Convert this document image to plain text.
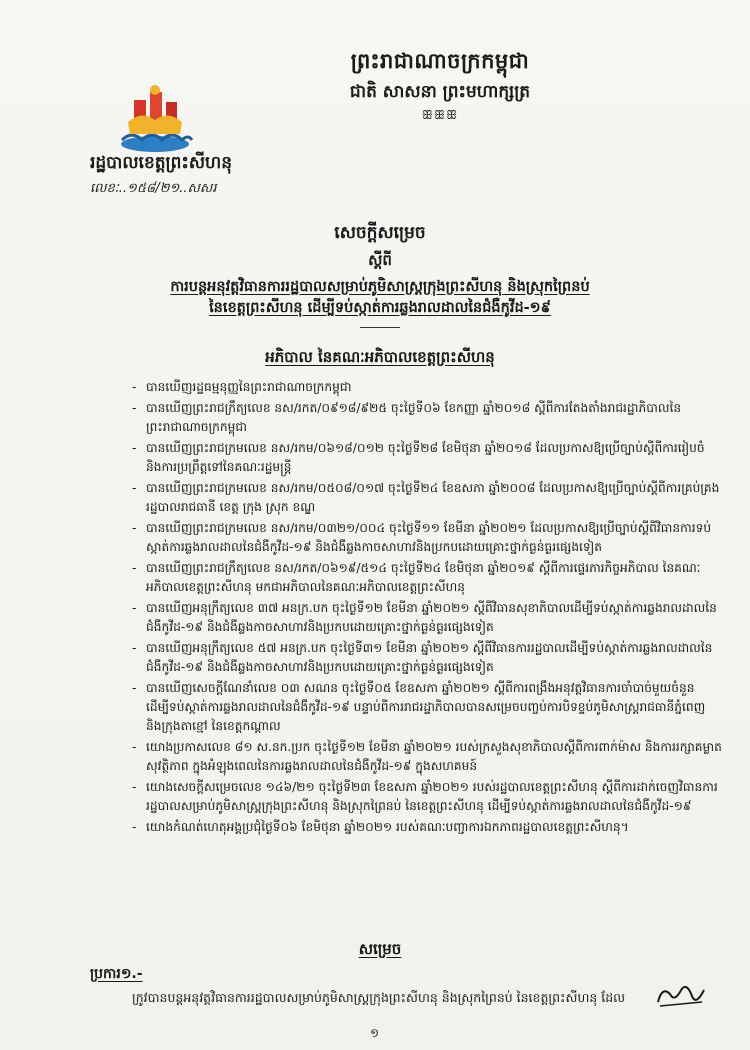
ព្រះរាជាណាចក្រកម្ពុជា
ជាតិ សាសនា ព្រះមហាក្សត្រ
ꕥꕥꕥ
រដ្ឋបាលខេត្តព្រះសីហនុ
លេខៈ..១៥៨/២១..សសរ
សេចក្តីសម្រេច
ស្តីពី
ការបន្តអនុវត្តវិធានការរដ្ឋបាលសម្រាប់ភូមិសាស្ត្រក្រុងព្រះសីហនុ និងស្រុកព្រៃនប់
នៃខេត្តព្រះសីហនុ ដើម្បីទប់ស្កាត់ការឆ្លងរាលដាលនៃជំងឺកូវីដ-១៩
អភិបាល នៃគណៈអភិបាលខេត្តព្រះសីហនុ
- បានឃើញរដ្ឋធម្មនុញ្ញនៃព្រះរាជាណាចក្រកម្ពុជា
- បានឃើញព្រះរាជក្រឹត្យលេខ នស/រកត/០៩១៨/៩២៥ ចុះថ្ងៃទី០៦ ខែកញ្ញា ឆ្នាំ២០១៨ ស្តីពីការតែងតាំងរាជរដ្ឋាភិបាលនៃព្រះរាជាណាចក្រកម្ពុជា
- បានឃើញព្រះរាជក្រមលេខ នស/រកម/០៦១៨/០១២ ចុះថ្ងៃទី២៨ ខែមិថុនា ឆ្នាំ២០១៨ ដែលប្រកាសឱ្យប្រើច្បាប់ស្តីពីការរៀបចំ និងការប្រព្រឹត្តទៅនៃគណៈរដ្ឋមន្ត្រី
- បានឃើញព្រះរាជក្រមលេខ នស/រកម/០៥០៨/០១៧ ចុះថ្ងៃទី២៤ ខែឧសភា ឆ្នាំ២០០៨ ដែលប្រកាសឱ្យប្រើច្បាប់ស្តីពីការគ្រប់គ្រងរដ្ឋបាលរាជធានី ខេត្ត ក្រុង ស្រុក ខណ្ឌ
- បានឃើញព្រះរាជក្រមលេខ នស/រកម/០៣២១/០០៤ ចុះថ្ងៃទី១១ ខែមីនា ឆ្នាំ២០២១ ដែលប្រកាសឱ្យប្រើច្បាប់ស្តីពីវិធានការទប់ស្កាត់ការឆ្លងរាលដាលនៃជំងឺកូវីដ-១៩ និងជំងឺឆ្លងកាចសាហាវនិងប្រកបដោយគ្រោះថ្នាក់ធ្ងន់ធ្ងរផ្សេងទៀត
- បានឃើញព្រះរាជក្រឹត្យលេខ នស/រកត/០៦១៩/៥១៤ ចុះថ្ងៃទី២៤ ខែមិថុនា ឆ្នាំ២០១៩ ស្តីពីការផ្ទេរភារកិច្ចអភិបាល នៃគណៈអភិបាលខេត្តព្រះសីហនុ មកជាអភិបាលនៃគណៈអភិបាលខេត្តព្រះសីហនុ
- បានឃើញអនុក្រឹត្យលេខ ៣៧ អនក្រ.បក ចុះថ្ងៃទី១២ ខែមីនា ឆ្នាំ២០២១ ស្តីពីវិធានសុខាភិបាលដើម្បីទប់ស្កាត់ការឆ្លងរាលដាលនៃជំងឺកូវីដ-១៩ និងជំងឺឆ្លងកាចសាហាវនិងប្រកបដោយគ្រោះថ្នាក់ធ្ងន់ធ្ងរផ្សេងទៀត
- បានឃើញអនុក្រឹត្យលេខ ៥៧ អនក្រ.បក ចុះថ្ងៃទី៣១ ខែមីនា ឆ្នាំ២០២១ ស្តីពីវិធានការរដ្ឋបាលដើម្បីទប់ស្កាត់ការឆ្លងរាលដាលនៃជំងឺកូវីដ-១៩ និងជំងឺឆ្លងកាចសាហាវនិងប្រកបដោយគ្រោះថ្នាក់ធ្ងន់ធ្ងរផ្សេងទៀត
- បានឃើញសេចក្តីណែនាំលេខ ០៣ សណន ចុះថ្ងៃទី០៥ ខែឧសភា ឆ្នាំ២០២១ ស្តីពីការពង្រឹងអនុវត្តវិធានការចាំបាច់មួយចំនួនដើម្បីទប់ស្កាត់ការឆ្លងរាលដាលនៃជំងឺកូវីដ-១៩ បន្ទាប់ពីការរាជរដ្ឋាភិបាលបានសម្រេចបញ្ចប់ការបិទខ្ទប់ភូមិសាស្ត្ររាជធានីភ្នំពេញ និងក្រុងតាខ្មៅ នៃខេត្តកណ្តាល
- យោងប្រកាសលេខ ៨១ ស.នក.ប្រក ចុះថ្ងៃទី១២ ខែមីនា ឆ្នាំ២០២១ របស់ក្រសួងសុខាភិបាលស្តីពីការពាក់ម៉ាស និងការរក្សាគម្លាតសុវត្ថិភាព ក្នុងអំឡុងពេលនៃការឆ្លងរាលដាលនៃជំងឺកូវីដ-១៩ ក្នុងសហគមន៍
- យោងសេចក្តីសម្រេចលេខ ១៤៦/២១ ចុះថ្ងៃទី២៣ ខែឧសភា ឆ្នាំ២០២១ របស់រដ្ឋបាលខេត្តព្រះសីហនុ ស្តីពីការដាក់ចេញវិធានការរដ្ឋបាលសម្រាប់ភូមិសាស្ត្រក្រុងព្រះសីហនុ និងស្រុកព្រៃនប់ នៃខេត្តព្រះសីហនុ ដើម្បីទប់ស្កាត់ការឆ្លងរាលដាលនៃជំងឺកូវីដ-១៩
- យោងកំណត់ហេតុអង្គប្រជុំថ្ងៃទី០៦ ខែមិថុនា ឆ្នាំ២០២១ របស់គណៈបញ្ជាការឯកភាពរដ្ឋបាលខេត្តព្រះសីហនុ។
សម្រេច
ប្រការ១.-
ក្រូវបានបន្តអនុវត្តវិធានការរដ្ឋបាលសម្រាប់ភូមិសាស្ត្រក្រុងព្រះសីហនុ និងស្រុកព្រៃនប់ នៃខេត្តព្រះសីហនុ ដែល
១
